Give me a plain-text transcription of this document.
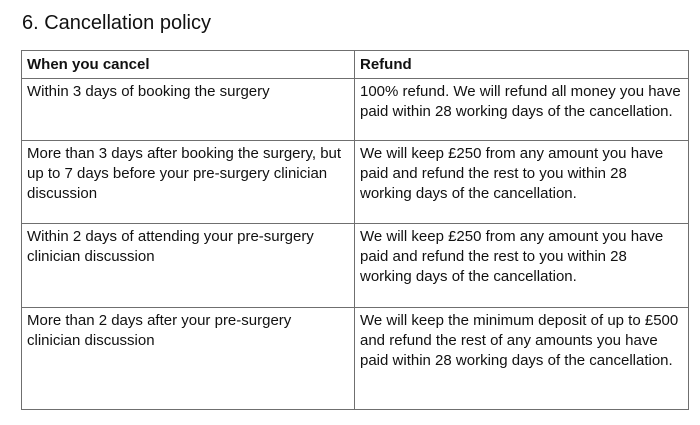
6. Cancellation policy
When you cancel	Refund

Within 3 days of booking the surgery	100% refund. We will refund all money you have paid within 28 working days of the cancellation.

More than 3 days after booking the surgery, but up to 7 days before your pre-surgery clinician discussion	We will keep £250 from any amount you have paid and refund the rest to you within 28 working days of the cancellation.

Within 2 days of attending your pre-surgery clinician discussion	We will keep £250 from any amount you have paid and refund the rest to you within 28 working days of the cancellation.

More than 2 days after your pre-surgery clinician discussion	We will keep the minimum deposit of up to £500 and refund the rest of any amounts you have paid within 28 working days of the cancellation.
